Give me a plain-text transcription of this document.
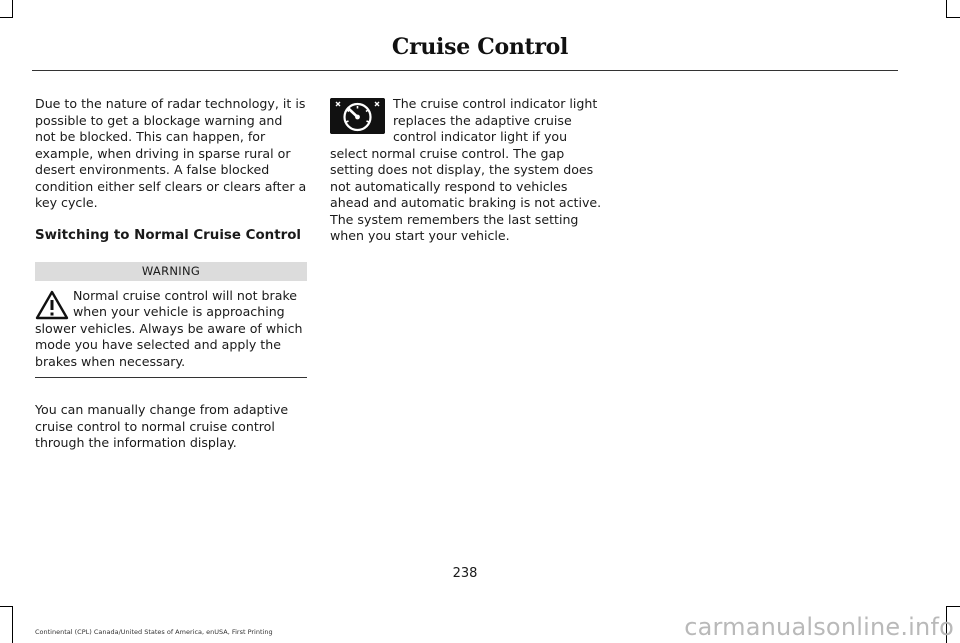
Cruise Control

Due to the nature of radar technology, it is possible to get a blockage warning and not be blocked. This can happen, for example, when driving in sparse rural or desert environments. A false blocked condition either self clears or clears after a key cycle.

Switching to Normal Cruise Control
WARNING

Normal cruise control will not brake when your vehicle is approaching slower vehicles. Always be aware of which mode you have selected and apply the brakes when necessary.

You can manually change from adaptive cruise control to normal cruise control through the information display.

The cruise control indicator light replaces the adaptive cruise control indicator light if you select normal cruise control. The gap setting does not display, the system does not automatically respond to vehicles ahead and automatic braking is not active. The system remembers the last setting when you start your vehicle.

238
Continental (CPL) Canada/United States of America, enUSA, First Printing	carmanualsonline.info
